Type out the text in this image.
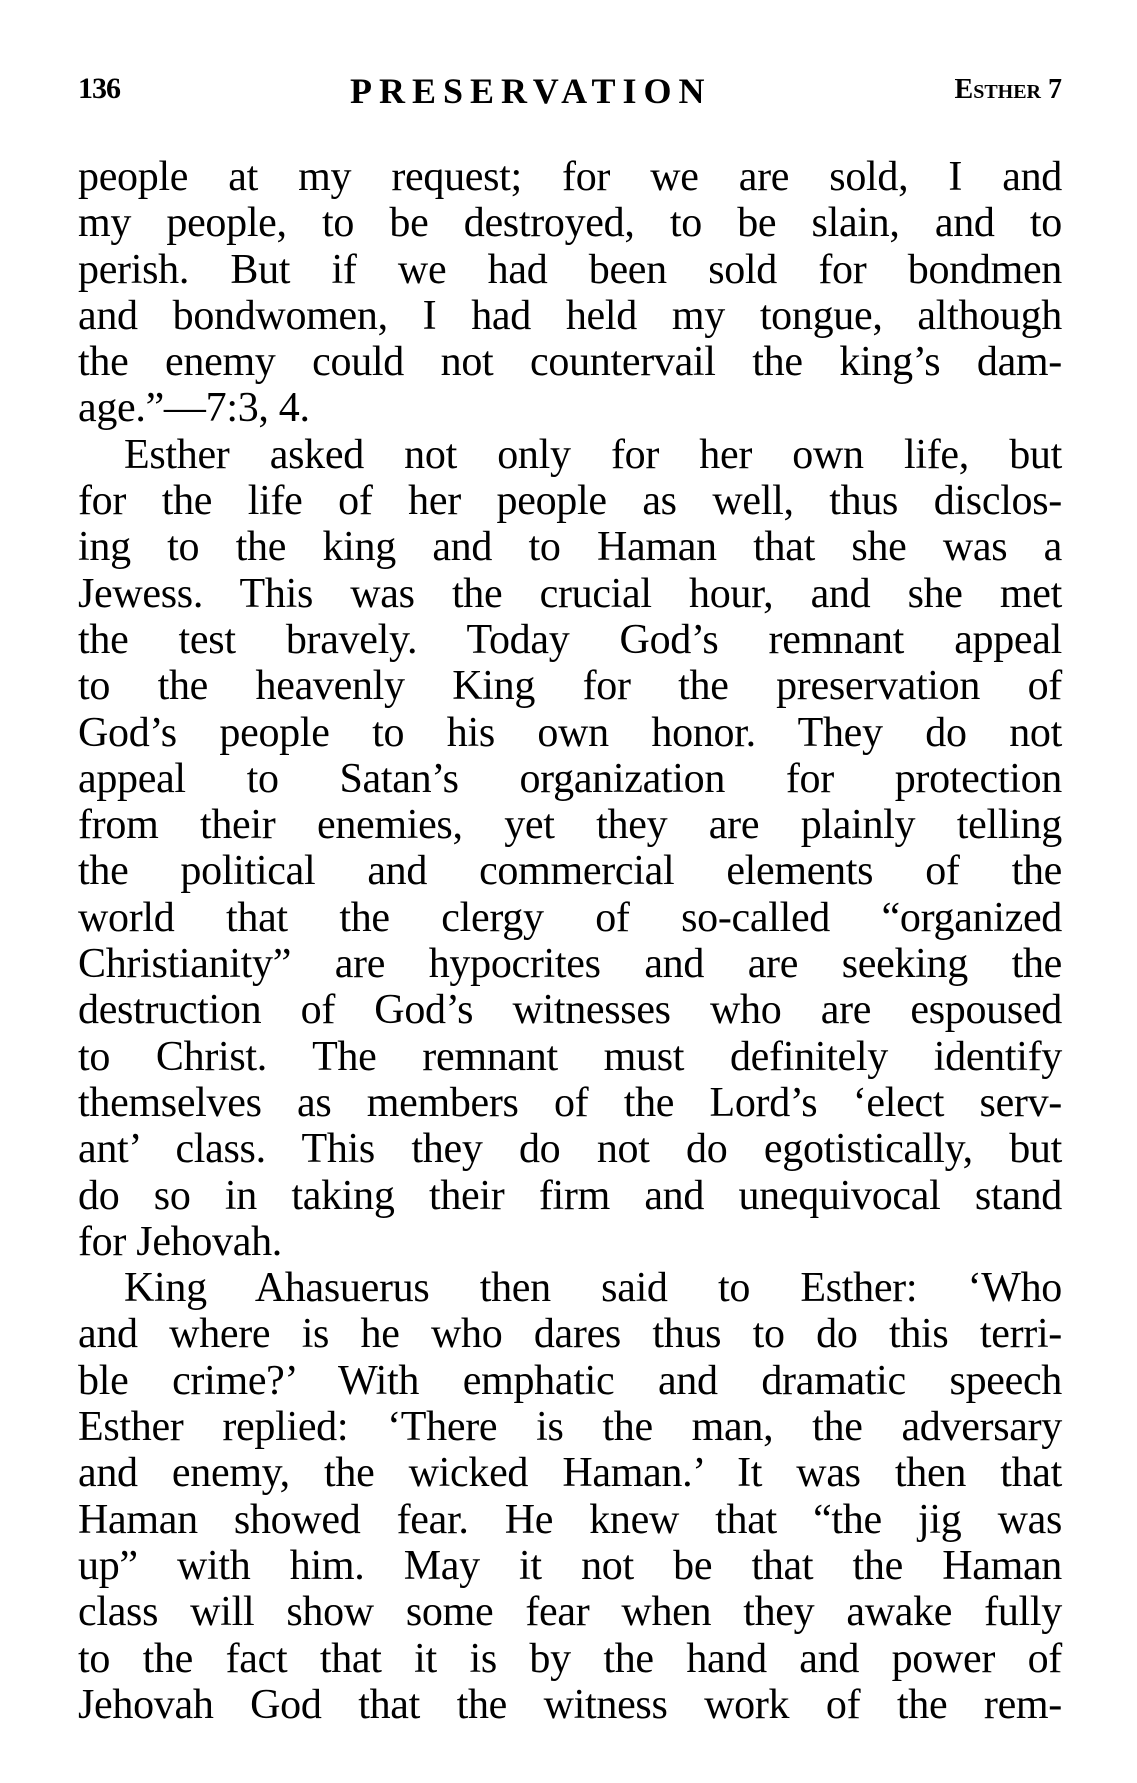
136	PRESERVATION	Esther 7

people at my request; for we are sold, I and
my people, to be destroyed, to be slain, and to
perish. But if we had been sold for bondmen
and bondwomen, I had held my tongue, although
the enemy could not countervail the king’s dam-
age.”—7:3, 4.

Esther asked not only for her own life, but
for the life of her people as well, thus disclos-
ing to the king and to Haman that she was a
Jewess. This was the crucial hour, and she met
the test bravely. Today God’s remnant appeal
to the heavenly King for the preservation of
God’s people to his own honor. They do not
appeal to Satan’s organization for protection
from their enemies, yet they are plainly telling
the political and commercial elements of the
world that the clergy of so-called “organized
Christianity” are hypocrites and are seeking the
destruction of God’s witnesses who are espoused
to Christ. The remnant must definitely identify
themselves as members of the Lord’s ‘elect serv-
ant’ class. This they do not do egotistically, but
do so in taking their firm and unequivocal stand
for Jehovah.

King Ahasuerus then said to Esther: ‘Who
and where is he who dares thus to do this terri-
ble crime?’ With emphatic and dramatic speech
Esther replied: ‘There is the man, the adversary
and enemy, the wicked Haman.’ It was then that
Haman showed fear. He knew that “the jig was
up” with him. May it not be that the Haman
class will show some fear when they awake fully
to the fact that it is by the hand and power of
Jehovah God that the witness work of the rem-
